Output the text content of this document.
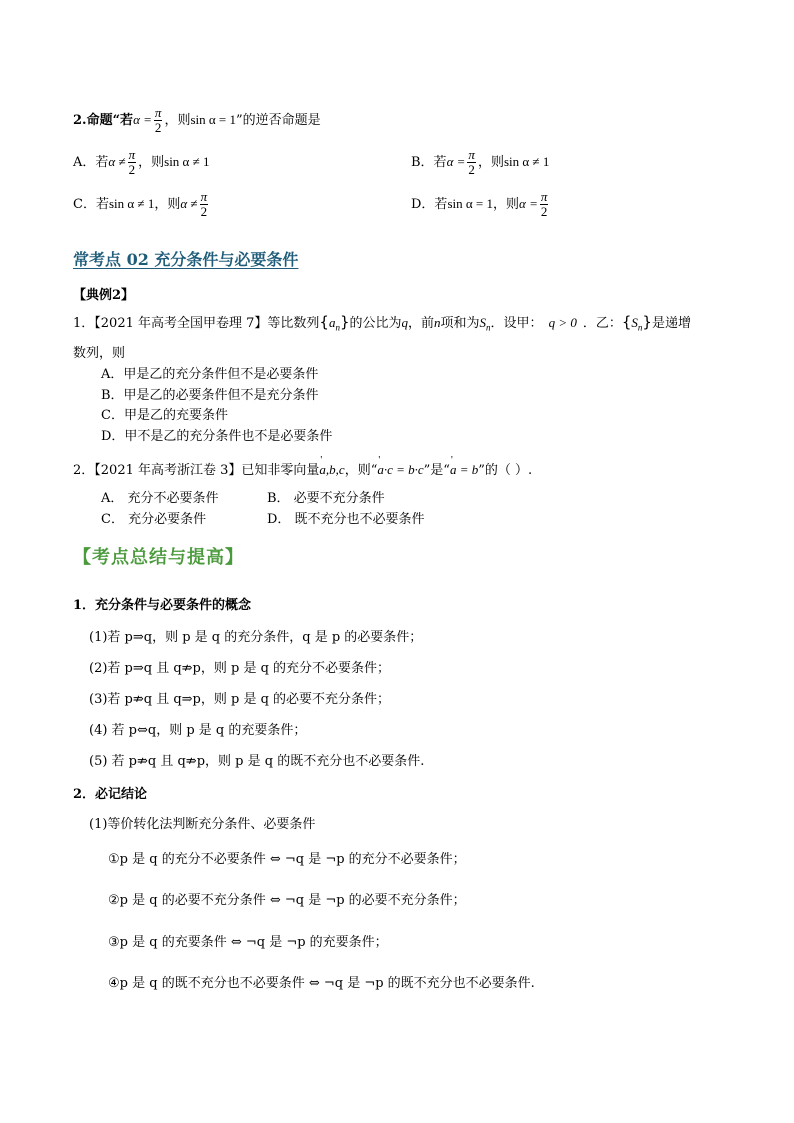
2.命题“若$\alpha = \frac{\pi}{2}$ ，则sin α = 1”的逆否命题是
A．若$\alpha \ne \frac{\pi}{2}$ ，则sin α ≠ 1	B．若$\alpha = \frac{\pi}{2}$ ，则sin α ≠ 1
C．若sin α ≠ 1，则$\alpha \ne \frac{\pi}{2}$	D．若sin α = 1，则$\alpha = \frac{\pi}{2}$
常考点 02 充分条件与必要条件
【典例2】
1．【2021 年高考全国甲卷理 7】等比数列$\{a_n\}$的公比为q，前n项和为$S_n$．设甲： q > 0 ．乙：$\{S_n\}$是递增
数列，则
A．甲是乙的充分条件但不是必要条件
B．甲是乙的必要条件但不是充分条件
C．甲是乙的充要条件
D．甲不是乙的充分条件也不是必要条件
2．【2021 年高考浙江卷 3】已知非零向量' a,b,c，则“' a·c = b·c”是“' a = b”的（ ）.
A． 充分不必要条件	B． 必要不充分条件
C． 充分必要条件	D． 既不充分也不必要条件
【考点总结与提高】
1．充分条件与必要条件的概念
(1)若 p⇒q，则 p 是 q 的充分条件，q 是 p 的必要条件；
(2)若 p⇒q 且 q⇏p，则 p 是 q 的充分不必要条件；
(3)若 p⇏q 且 q⇒p，则 p 是 q 的必要不充分条件；
(4) 若 p⇔q，则 p 是 q 的充要条件；
(5) 若 p⇏q 且 q⇏p，则 p 是 q 的既不充分也不必要条件.
2．必记结论
(1)等价转化法判断充分条件、必要条件
①p 是 q 的充分不必要条件 ⇔ ¬q 是 ¬p 的充分不必要条件；
②p 是 q 的必要不充分条件 ⇔ ¬q 是 ¬p 的必要不充分条件；
③p 是 q 的充要条件 ⇔ ¬q 是 ¬p 的充要条件；
④p 是 q 的既不充分也不必要条件 ⇔ ¬q 是 ¬p 的既不充分也不必要条件.
